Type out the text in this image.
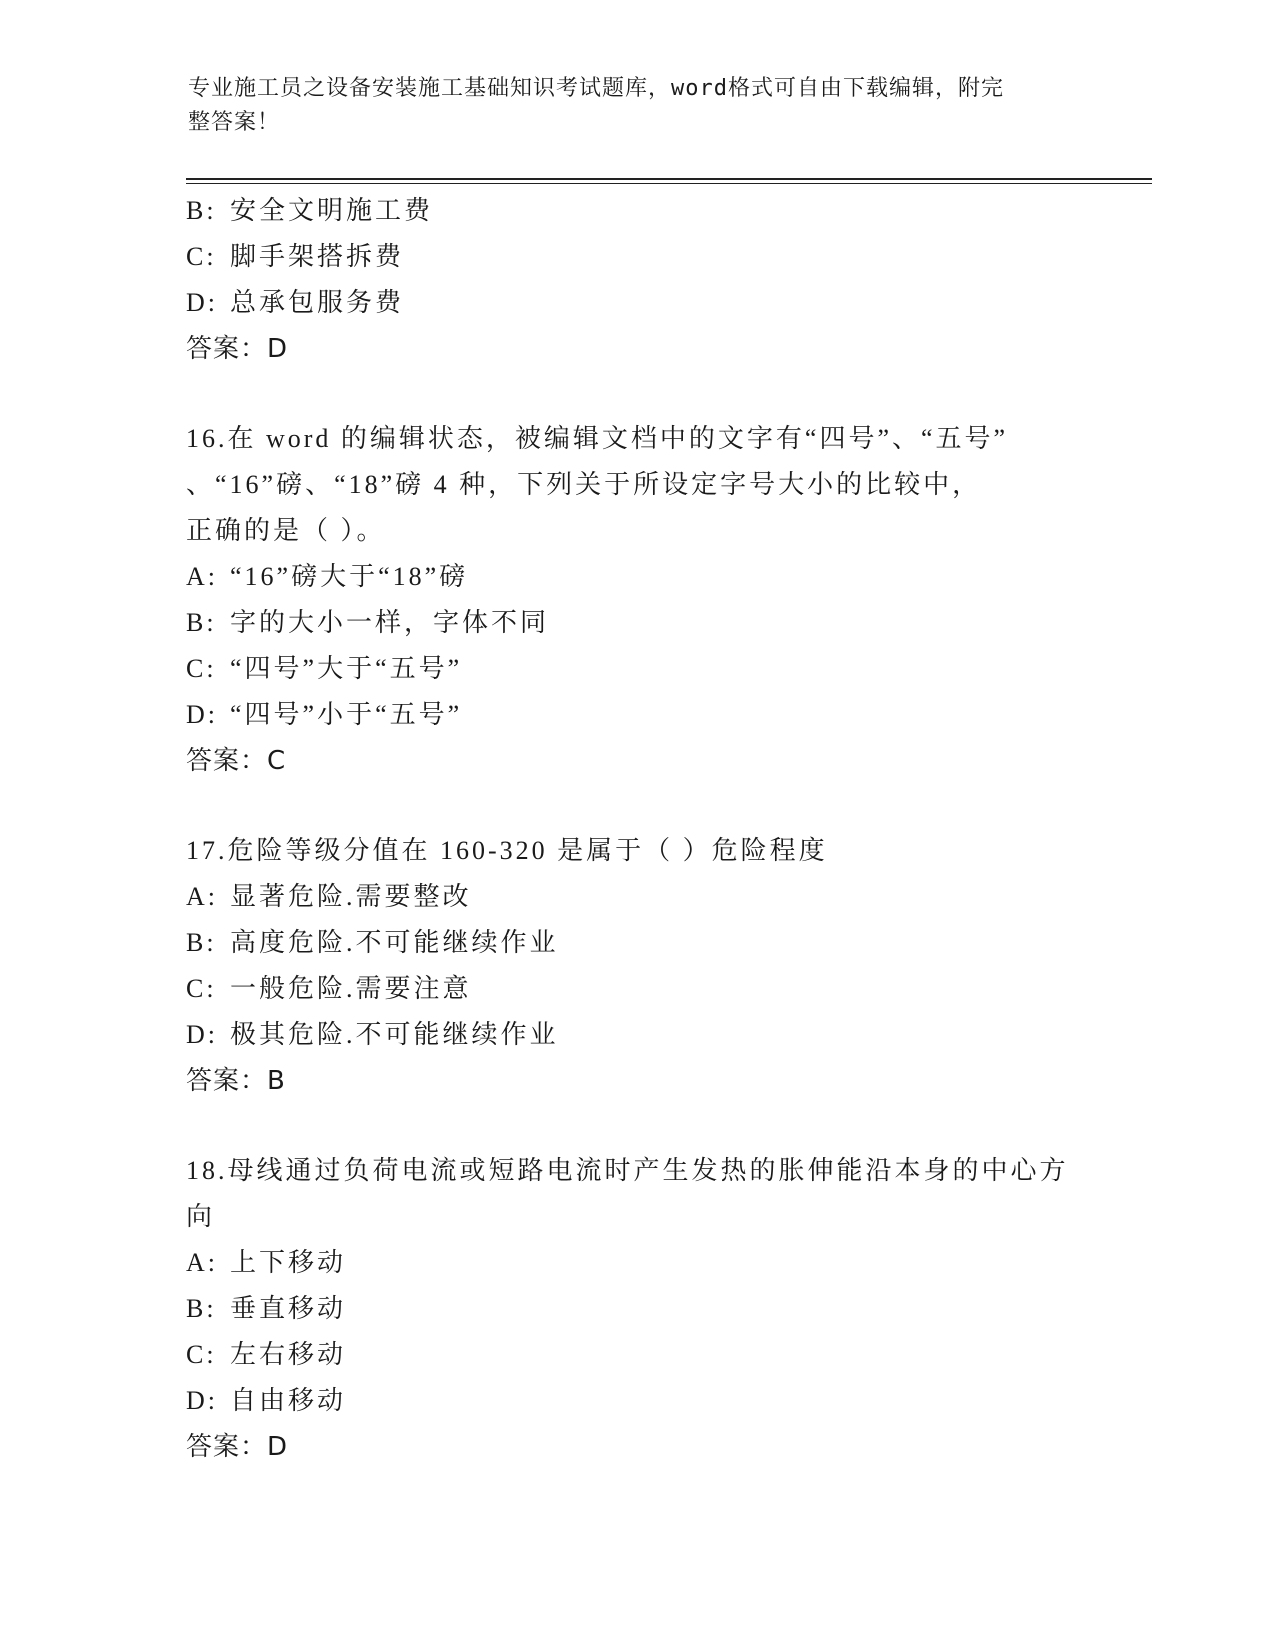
专业施工员之设备安装施工基础知识考试题库，word格式可自由下载编辑，附完
整答案！
B: 安全文明施工费
C: 脚手架搭拆费
D: 总承包服务费
答案：D
16.在 word 的编辑状态，被编辑文档中的文字有“四号”、“五号”
、“16”磅、“18”磅 4 种，下列关于所设定字号大小的比较中，
正确的是（ ）。
A: “16”磅大于“18”磅
B: 字的大小一样，字体不同
C: “四号”大于“五号”
D: “四号”小于“五号”
答案：C
17.危险等级分值在 160-320 是属于（ ）危险程度
A: 显著危险.需要整改
B: 高度危险.不可能继续作业
C: 一般危险.需要注意
D: 极其危险.不可能继续作业
答案：B
18.母线通过负荷电流或短路电流时产生发热的胀伸能沿本身的中心方
向
A: 上下移动
B: 垂直移动
C: 左右移动
D: 自由移动
答案：D
